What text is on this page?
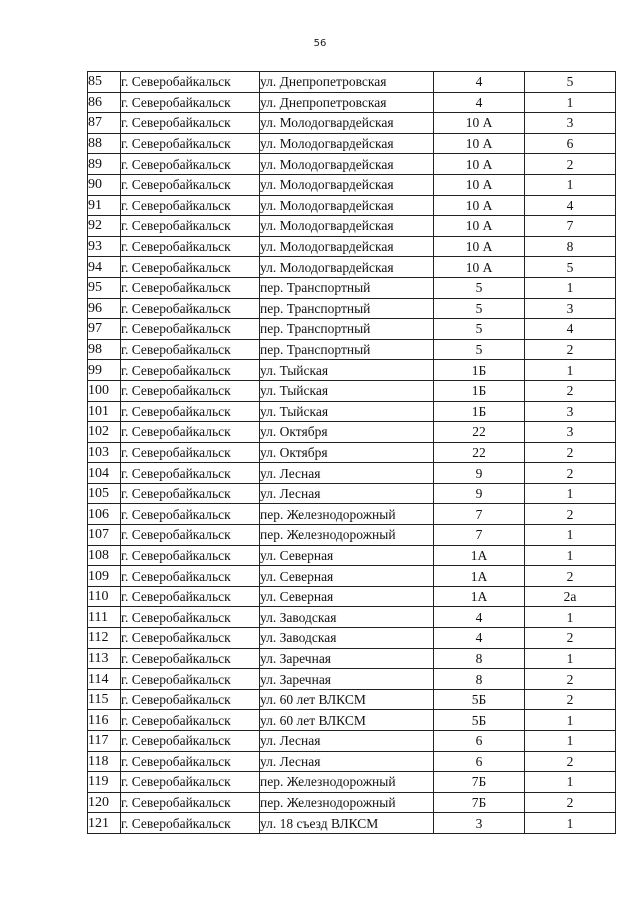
56
85	г. Северобайкальск	ул. Днепропетровская	4	5
86	г. Северобайкальск	ул. Днепропетровская	4	1
87	г. Северобайкальск	ул. Молодогвардейская	10 А	3
88	г. Северобайкальск	ул. Молодогвардейская	10 А	6
89	г. Северобайкальск	ул. Молодогвардейская	10 А	2
90	г. Северобайкальск	ул. Молодогвардейская	10 А	1
91	г. Северобайкальск	ул. Молодогвардейская	10 А	4
92	г. Северобайкальск	ул. Молодогвардейская	10 А	7
93	г. Северобайкальск	ул. Молодогвардейская	10 А	8
94	г. Северобайкальск	ул. Молодогвардейская	10 А	5
95	г. Северобайкальск	пер. Транспортный	5	1
96	г. Северобайкальск	пер. Транспортный	5	3
97	г. Северобайкальск	пер. Транспортный	5	4
98	г. Северобайкальск	пер. Транспортный	5	2
99	г. Северобайкальск	ул. Тыйская	1Б	1
100	г. Северобайкальск	ул. Тыйская	1Б	2
101	г. Северобайкальск	ул. Тыйская	1Б	3
102	г. Северобайкальск	ул. Октября	22	3
103	г. Северобайкальск	ул. Октября	22	2
104	г. Северобайкальск	ул. Лесная	9	2
105	г. Северобайкальск	ул. Лесная	9	1
106	г. Северобайкальск	пер. Железнодорожный	7	2
107	г. Северобайкальск	пер. Железнодорожный	7	1
108	г. Северобайкальск	ул. Северная	1А	1
109	г. Северобайкальск	ул. Северная	1А	2
110	г. Северобайкальск	ул. Северная	1А	2а
111	г. Северобайкальск	ул. Заводская	4	1
112	г. Северобайкальск	ул. Заводская	4	2
113	г. Северобайкальск	ул. Заречная	8	1
114	г. Северобайкальск	ул. Заречная	8	2
115	г. Северобайкальск	ул. 60 лет ВЛКСМ	5Б	2
116	г. Северобайкальск	ул. 60 лет ВЛКСМ	5Б	1
117	г. Северобайкальск	ул. Лесная	6	1
118	г. Северобайкальск	ул. Лесная	6	2
119	г. Северобайкальск	пер. Железнодорожный	7Б	1
120	г. Северобайкальск	пер. Железнодорожный	7Б	2
121	г. Северобайкальск	ул. 18 съезд ВЛКСМ	3	1
